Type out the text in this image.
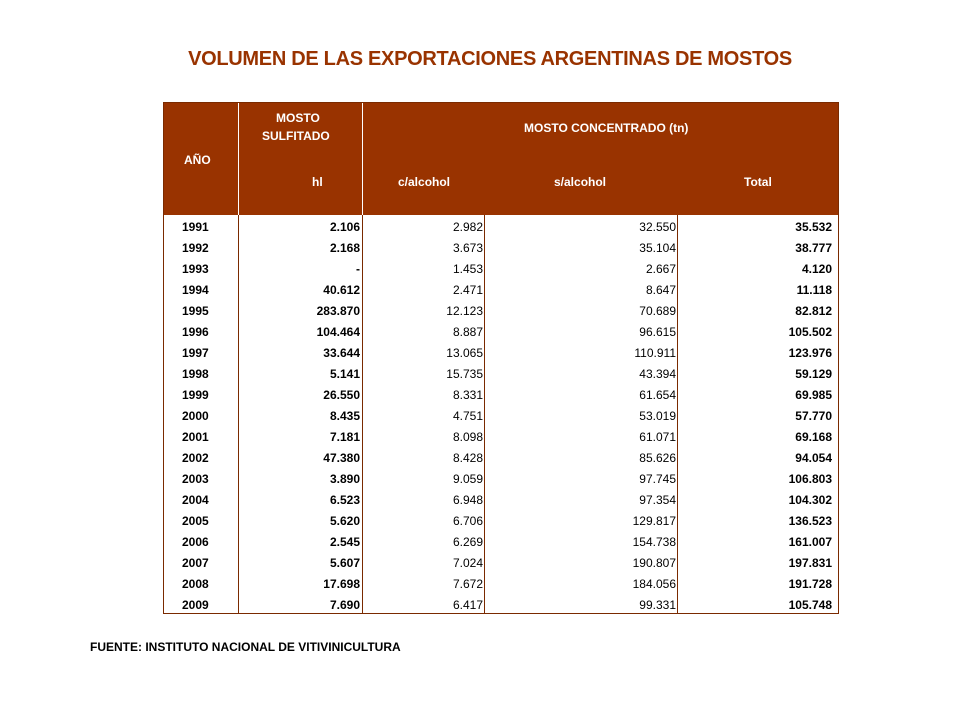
VOLUMEN DE LAS EXPORTACIONES ARGENTINAS DE MOSTOS
AÑO
MOSTO
SULFITADO
hl
MOSTO CONCENTRADO (tn)
c/alcohol	s/alcohol	Total
1991	2.106	2.982	32.550	35.532
1992	2.168	3.673	35.104	38.777
1993	-	1.453	2.667	4.120
1994	40.612	2.471	8.647	11.118
1995	283.870	12.123	70.689	82.812
1996	104.464	8.887	96.615	105.502
1997	33.644	13.065	110.911	123.976
1998	5.141	15.735	43.394	59.129
1999	26.550	8.331	61.654	69.985
2000	8.435	4.751	53.019	57.770
2001	7.181	8.098	61.071	69.168
2002	47.380	8.428	85.626	94.054
2003	3.890	9.059	97.745	106.803
2004	6.523	6.948	97.354	104.302
2005	5.620	6.706	129.817	136.523
2006	2.545	6.269	154.738	161.007
2007	5.607	7.024	190.807	197.831
2008	17.698	7.672	184.056	191.728
2009	7.690	6.417	99.331	105.748
FUENTE: INSTITUTO NACIONAL DE VITIVINICULTURA
